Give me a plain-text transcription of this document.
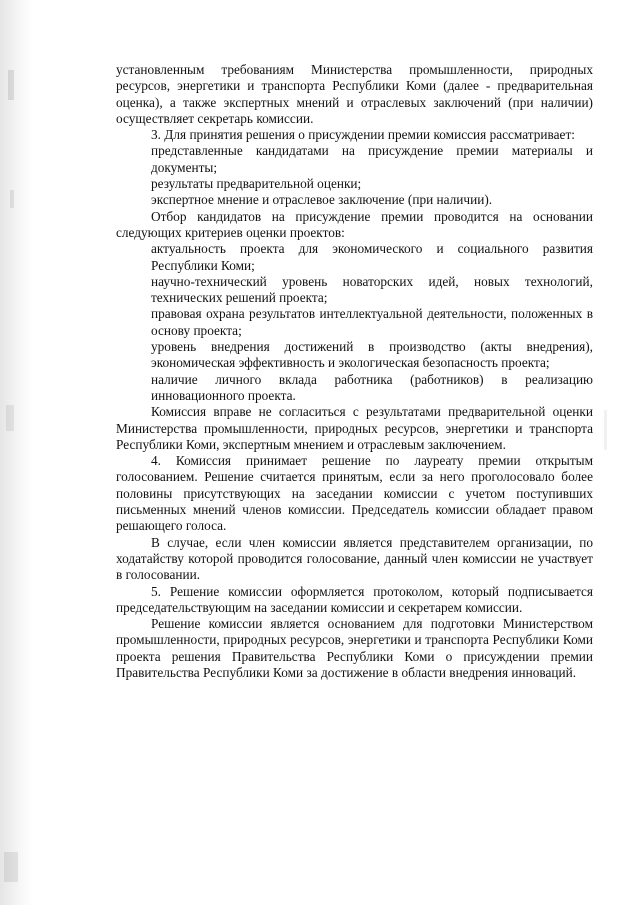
установленным требованиям Министерства промышленности, природных ресурсов, энергетики и транспорта Республики Коми (далее - предварительная оценка), а также экспертных мнений и отраслевых заключений (при наличии) осуществляет секретарь комиссии.

3. Для принятия решения о присуждении премии комиссия рассматривает:

представленные кандидатами на присуждение премии материалы и документы;

результаты предварительной оценки;

экспертное мнение и отраслевое заключение (при наличии).

Отбор кандидатов на присуждение премии проводится на основании следующих критериев оценки проектов:

актуальность проекта для экономического и социального развития Республики Коми;

научно-технический уровень новаторских идей, новых технологий, технических решений проекта;

правовая охрана результатов интеллектуальной деятельности, положенных в основу проекта;

уровень внедрения достижений в производство (акты внедрения), экономическая эффективность и экологическая безопасность проекта;

наличие личного вклада работника (работников) в реализацию инновационного проекта.

Комиссия вправе не согласиться с результатами предварительной оценки Министерства промышленности, природных ресурсов, энергетики и транспорта Республики Коми, экспертным мнением и отраслевым заключением.

4. Комиссия принимает решение по лауреату премии открытым голосованием. Решение считается принятым, если за него проголосовало более половины присутствующих на заседании комиссии с учетом поступивших письменных мнений членов комиссии. Председатель комиссии обладает правом решающего голоса.

В случае, если член комиссии является представителем организации, по ходатайству которой проводится голосование, данный член комиссии не участвует в голосовании.

5. Решение комиссии оформляется протоколом, который подписывается председательствующим на заседании комиссии и секретарем комиссии.

Решение комиссии является основанием для подготовки Министерством промышленности, природных ресурсов, энергетики и транспорта Республики Коми проекта решения Правительства Республики Коми о присуждении премии Правительства Республики Коми за достижение в области внедрения инноваций.
